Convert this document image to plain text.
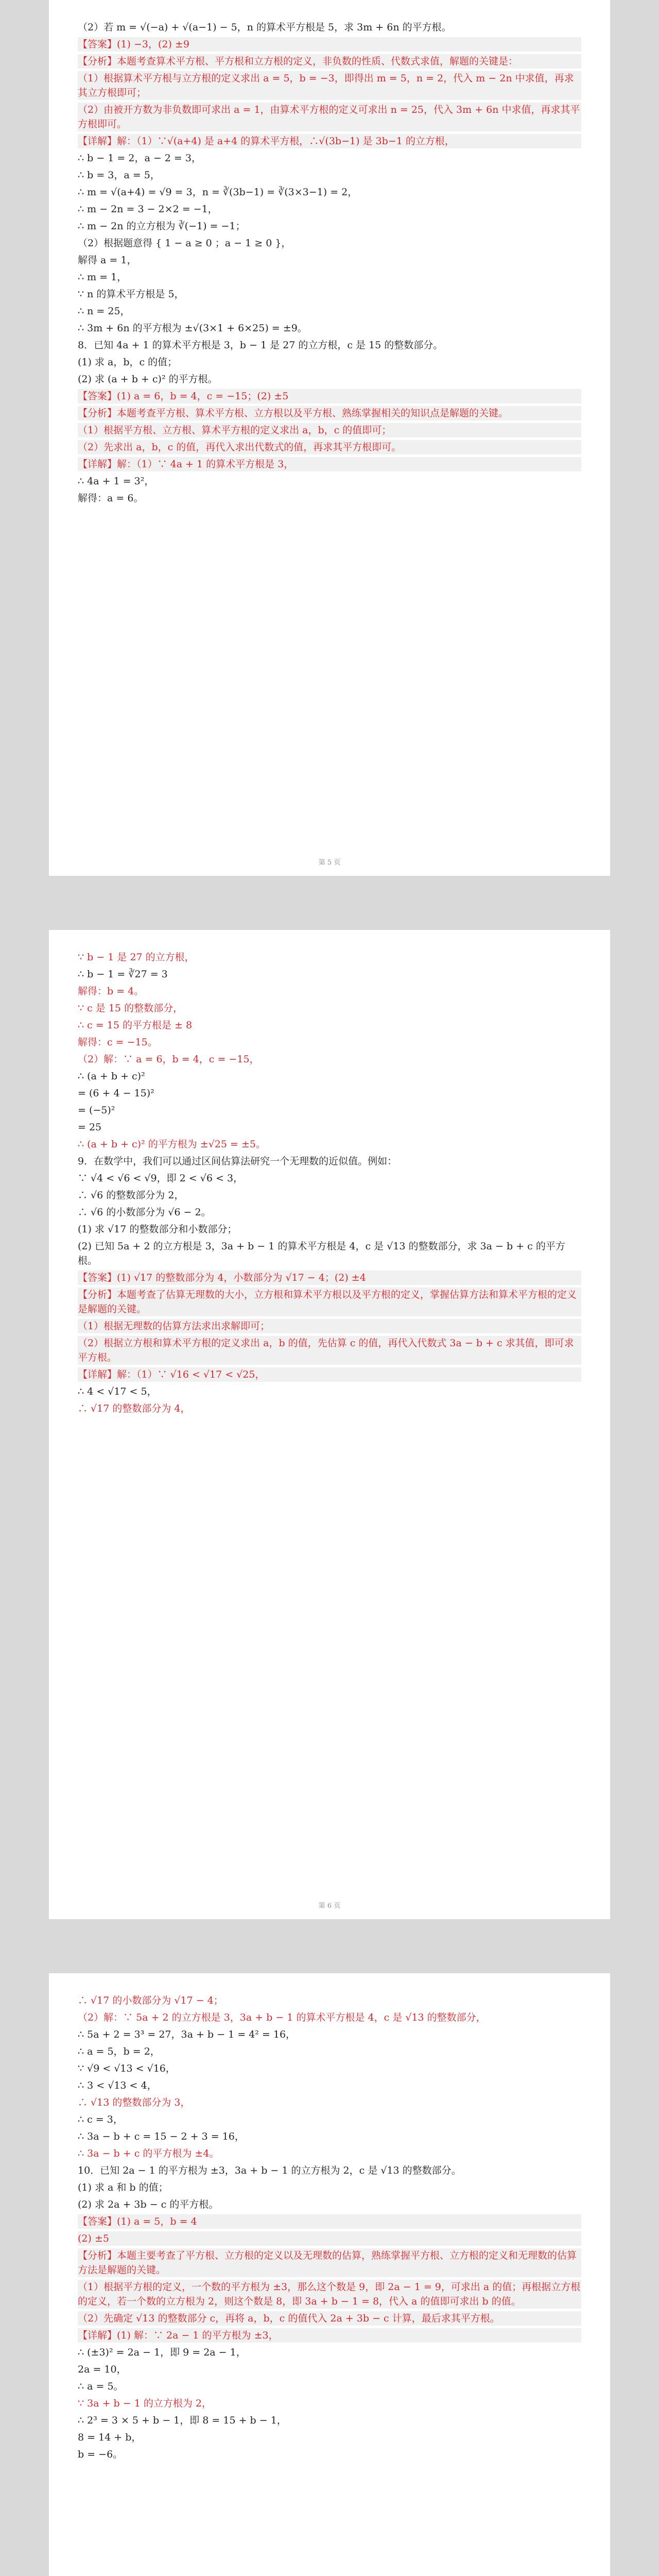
（2）若 m = √(−a) + √(a−1) − 5，n 的算术平方根是 5，求 3m + 6n 的平方根。
【答案】(1) −3，(2) ±9
【分析】本题考查算术平方根、平方根和立方根的定义，非负数的性质、代数式求值，解题的关键是：
（1）根据算术平方根与立方根的定义求出 a = 5，b = −3，即得出 m = 5，n = 2，代入 m − 2n 中求值，再求其立方根即可；
（2）由被开方数为非负数即可求出 a = 1，由算术平方根的定义可求出 n = 25，代入 3m + 6n 中求值，再求其平方根即可。
【详解】解：（1）∵√(a+4) 是 a+4 的算术平方根，∴√(3b−1) 是 3b−1 的立方根，
∴ b − 1 = 2，a − 2 = 3，
∴ b = 3，a = 5，
∴ m = √(a+4) = √9 = 3，n = ∛(3b−1) = ∛(3×3−1) = 2，
∴ m − 2n = 3 − 2×2 = −1，
∴ m − 2n 的立方根为 ∛(−1) = −1；
（2）根据题意得 { 1 − a ≥ 0 ；a − 1 ≥ 0 }，
解得 a = 1，
∴ m = 1，
∵ n 的算术平方根是 5，
∴ n = 25，
∴ 3m + 6n 的平方根为 ±√(3×1 + 6×25) = ±9。
8．已知 4a + 1 的算术平方根是 3，b − 1 是 27 的立方根，c 是 15 的整数部分。
(1) 求 a，b，c 的值；
(2) 求 (a + b + c)² 的平方根。
【答案】(1) a = 6，b = 4，c = −15；(2) ±5
【分析】本题考查平方根、算术平方根、立方根以及平方根、熟练掌握相关的知识点是解题的关键。
（1）根据平方根、立方根、算术平方根的定义求出 a，b，c 的值即可；
（2）先求出 a，b，c 的值，再代入求出代数式的值，再求其平方根即可。
【详解】解：（1）∵ 4a + 1 的算术平方根是 3，
∴ 4a + 1 = 3²，
解得：a = 6。
第 5 页
∵ b − 1 是 27 的立方根，
∴ b − 1 = ∛27 = 3
解得：b = 4。
∵ c 是 15 的整数部分，
∴ c = 15 的平方根是 ± 8
解得：c = −15。
（2）解：∵ a = 6，b = 4，c = −15，
∴ (a + b + c)²
= (6 + 4 − 15)²
= (−5)²
= 25
∴ (a + b + c)² 的平方根为 ±√25 = ±5。
9．在数学中，我们可以通过区间估算法研究一个无理数的近似值。例如：
∵ √4 < √6 < √9，即 2 < √6 < 3，
∴ √6 的整数部分为 2，
∴ √6 的小数部分为 √6 − 2。
(1) 求 √17 的整数部分和小数部分；
(2) 已知 5a + 2 的立方根是 3，3a + b − 1 的算术平方根是 4，c 是 √13 的整数部分，求 3a − b + c 的平方根。
【答案】(1) √17 的整数部分为 4，小数部分为 √17 − 4；(2) ±4
【分析】本题考查了估算无理数的大小，立方根和算术平方根以及平方根的定义，掌握估算方法和算术平方根的定义是解题的关键。
（1）根据无理数的估算方法求出求解即可；
（2）根据立方根和算术平方根的定义求出 a，b 的值，先估算 c 的值，再代入代数式 3a − b + c 求其值，即可求平方根。
【详解】解：（1）∵ √16 < √17 < √25，
∴ 4 < √17 < 5，
∴ √17 的整数部分为 4，
第 6 页
∴ √17 的小数部分为 √17 − 4；
（2）解：∵ 5a + 2 的立方根是 3，3a + b − 1 的算术平方根是 4，c 是 √13 的整数部分，
∴ 5a + 2 = 3³ = 27，3a + b − 1 = 4² = 16，
∴ a = 5，b = 2，
∵ √9 < √13 < √16，
∴ 3 < √13 < 4，
∴ √13 的整数部分为 3，
∴ c = 3，
∴ 3a − b + c = 15 − 2 + 3 = 16，
∴ 3a − b + c 的平方根为 ±4。
10．已知 2a − 1 的平方根为 ±3，3a + b − 1 的立方根为 2，c 是 √13 的整数部分。
(1) 求 a 和 b 的值；
(2) 求 2a + 3b − c 的平方根。
【答案】(1) a = 5，b = 4
(2) ±5
【分析】本题主要考查了平方根、立方根的定义以及无理数的估算，熟练掌握平方根、立方根的定义和无理数的估算方法是解题的关键。
（1）根据平方根的定义，一个数的平方根为 ±3，那么这个数是 9，即 2a − 1 = 9，可求出 a 的值；再根据立方根的定义，若一个数的立方根为 2，则这个数是 8，即 3a + b − 1 = 8，代入 a 的值即可求出 b 的值。
（2）先确定 √13 的整数部分 c，再将 a，b，c 的值代入 2a + 3b − c 计算，最后求其平方根。
【详解】(1) 解：∵ 2a − 1 的平方根为 ±3，
∴ (±3)² = 2a − 1，即 9 = 2a − 1，
2a = 10，
∴ a = 5。
∵ 3a + b − 1 的立方根为 2，
∴ 2³ = 3 × 5 + b − 1，即 8 = 15 + b − 1，
8 = 14 + b，
b = −6。
